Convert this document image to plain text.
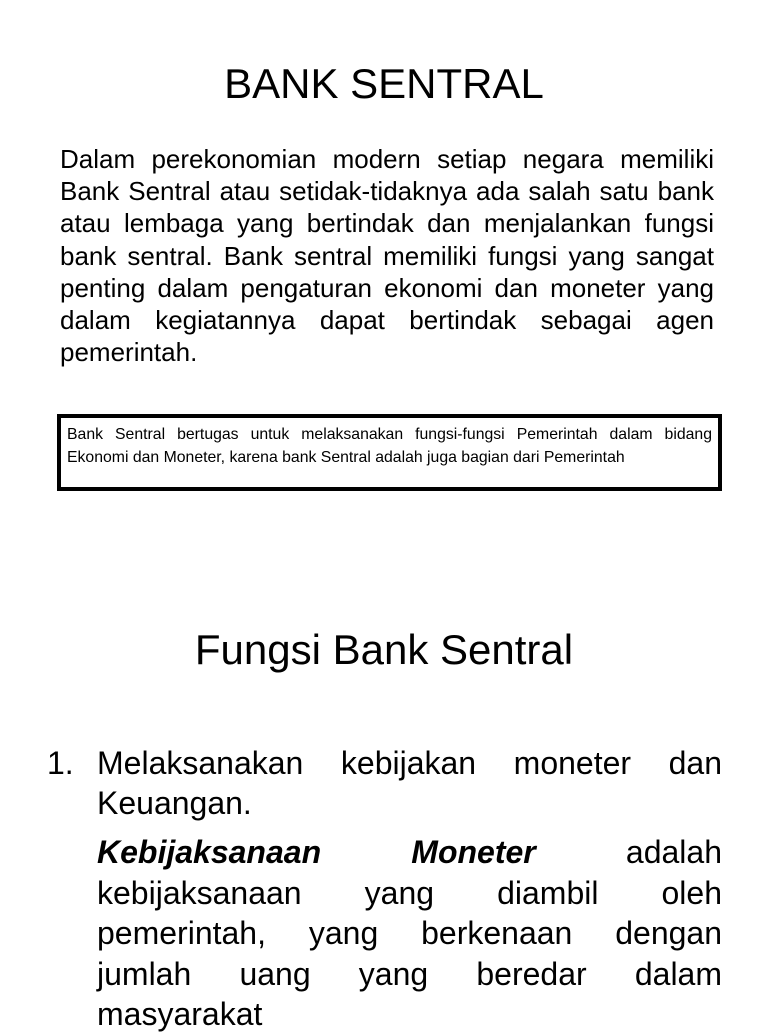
BANK SENTRAL

Dalam perekonomian modern setiap negara memiliki Bank Sentral atau setidak-tidaknya ada salah satu bank atau lembaga yang bertindak dan menjalankan fungsi bank sentral. Bank sentral memiliki fungsi yang sangat penting dalam pengaturan ekonomi dan moneter yang dalam kegiatannya dapat bertindak sebagai agen pemerintah.

Bank Sentral bertugas untuk melaksanakan fungsi-fungsi Pemerintah dalam bidang Ekonomi dan Moneter, karena bank Sentral adalah juga bagian dari Pemerintah
Fungsi Bank Sentral
1. Melaksanakan kebijakan moneter dan Keuangan.
Kebijaksanaan Moneter	adalah kebijaksanaan yang diambil oleh pemerintah, yang berkenaan dengan jumlah uang yang beredar dalam masyarakat
